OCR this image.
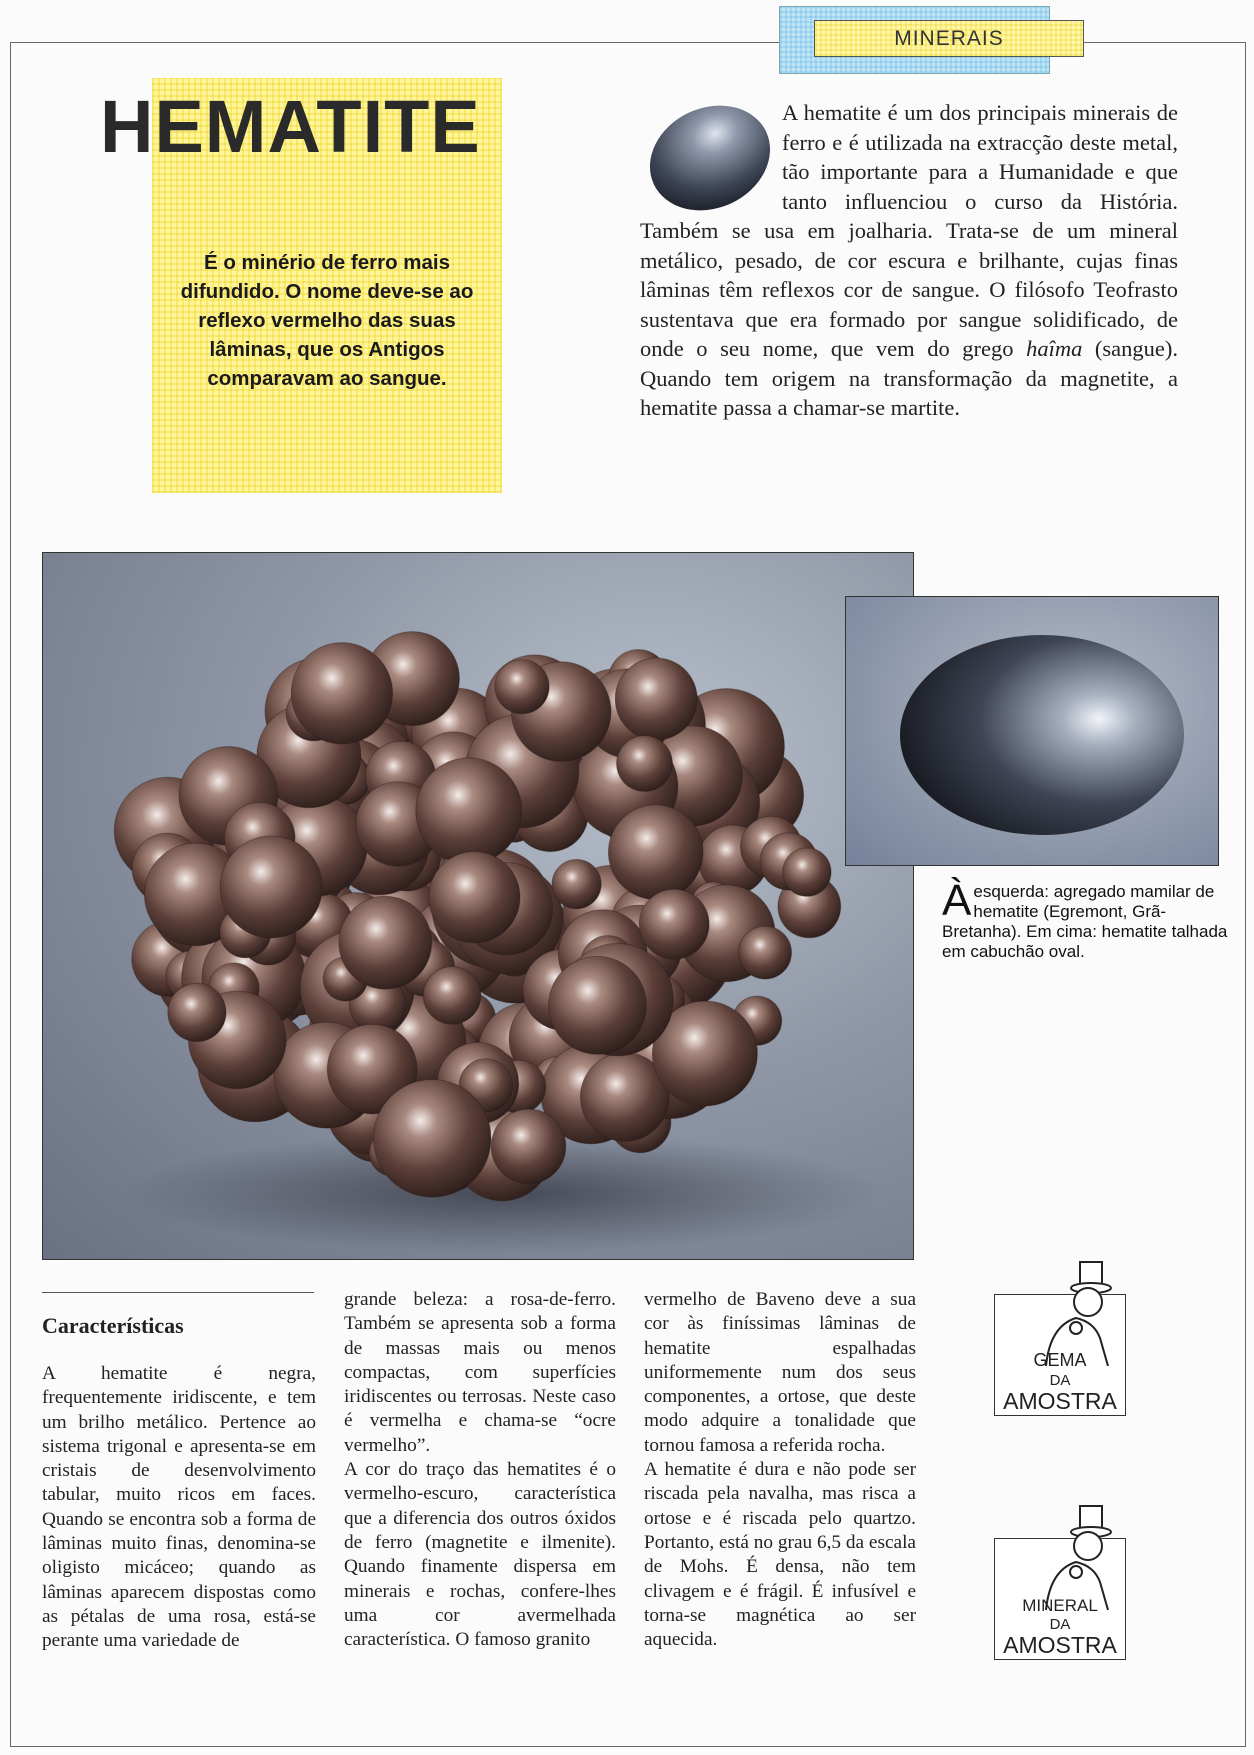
MINERAIS
HEMATITE
É o minério de ferro mais difundido. O nome deve-se ao reflexo vermelho das suas lâminas, que os Antigos comparavam ao sangue.
A hematite é um dos principais minerais de ferro e é utilizada na extracção deste metal, tão importante para a Humanidade e que tanto influenciou o curso da História. Também se usa em joalharia. Trata-se de um mineral metálico, pesado, de cor escura e brilhante, cujas finas lâminas têm reflexos cor de sangue. O filósofo Teofrasto sustentava que era formado por sangue solidificado, de onde o seu nome, que vem do grego haîma (sangue). Quando tem origem na transformação da magnetite, a hematite passa a chamar-se martite.
À esquerda: agregado mamilar de hematite (Egremont, Grã-Bretanha). Em cima: hematite talhada em cabuchão oval.
Características

A hematite é negra, frequentemente iridiscente, e tem um brilho metálico. Pertence ao sistema trigonal e apresenta-se em cristais de desenvolvimento tabular, muito ricos em faces. Quando se encontra sob a forma de lâminas muito finas, denomina-se oligisto micáceo; quando as lâminas aparecem dispostas como as pétalas de uma rosa, está-se perante uma variedade de

grande beleza: a rosa-de-ferro. Também se apresenta sob a forma de massas mais ou menos compactas, com superfícies iridiscentes ou terrosas. Neste caso é vermelha e chama-se “ocre vermelho”.

A cor do traço das hematites é o vermelho-escuro, característica que a diferencia dos outros óxidos de ferro (magnetite e ilmenite). Quando finamente dispersa em minerais e rochas, confere-lhes uma cor avermelhada característica. O famoso granito

vermelho de Baveno deve a sua cor às finíssimas lâminas de hematite espalhadas uniformemente num dos seus componentes, a ortose, que deste modo adquire a tonalidade que tornou famosa a referida rocha.

A hematite é dura e não pode ser riscada pela navalha, mas risca a ortose e é riscada pelo quartzo. Portanto, está no grau 6,5 da escala de Mohs. É densa, não tem clivagem e é frágil. É infusível e torna-se magnética ao ser aquecida.

GEMA
DA
AMOSTRA
MINERAL
DA
AMOSTRA
